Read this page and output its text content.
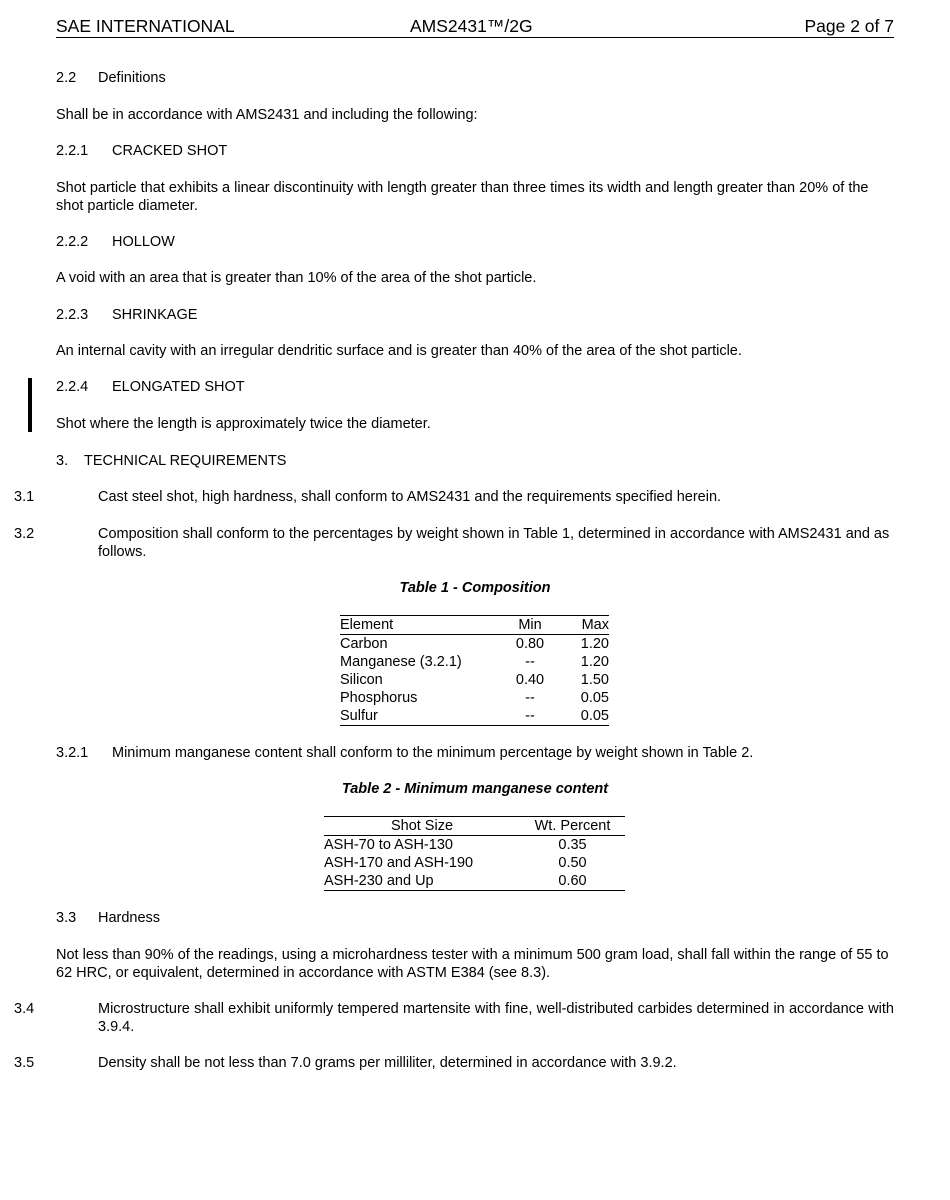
SAE INTERNATIONAL	AMS2431™/2G	Page 2 of 7
2.2 Definitions
Shall be in accordance with AMS2431 and including the following:
2.2.1 CRACKED SHOT
Shot particle that exhibits a linear discontinuity with length greater than three times its width and length greater than 20% of the shot particle diameter.
2.2.2 HOLLOW
A void with an area that is greater than 10% of the area of the shot particle.
2.2.3 SHRINKAGE
An internal cavity with an irregular dendritic surface and is greater than 40% of the area of the shot particle.
2.2.4 ELONGATED SHOT
Shot where the length is approximately twice the diameter.
3. TECHNICAL REQUIREMENTS
3.1	Cast steel shot, high hardness, shall conform to AMS2431 and the requirements specified herein.
3.2	Composition shall conform to the percentages by weight shown in Table 1, determined in accordance with AMS2431 and as follows.
Table 1 - Composition
Element	Min	Max
Carbon	0.80	1.20
Manganese (3.2.1)	--	1.20
Silicon	0.40	1.50
Phosphorus	--	0.05
Sulfur	--	0.05
3.2.1 Minimum manganese content shall conform to the minimum percentage by weight shown in Table 2.
Table 2 - Minimum manganese content
Shot Size	Wt. Percent
ASH-70 to ASH-130	0.35
ASH-170 and ASH-190	0.50
ASH-230 and Up	0.60
3.3 Hardness
Not less than 90% of the readings, using a microhardness tester with a minimum 500 gram load, shall fall within the range of 55 to 62 HRC, or equivalent, determined in accordance with ASTM E384 (see 8.3).
3.4	Microstructure shall exhibit uniformly tempered martensite with fine, well-distributed carbides determined in accordance with 3.9.4.
3.5	Density shall be not less than 7.0 grams per milliliter, determined in accordance with 3.9.2.
